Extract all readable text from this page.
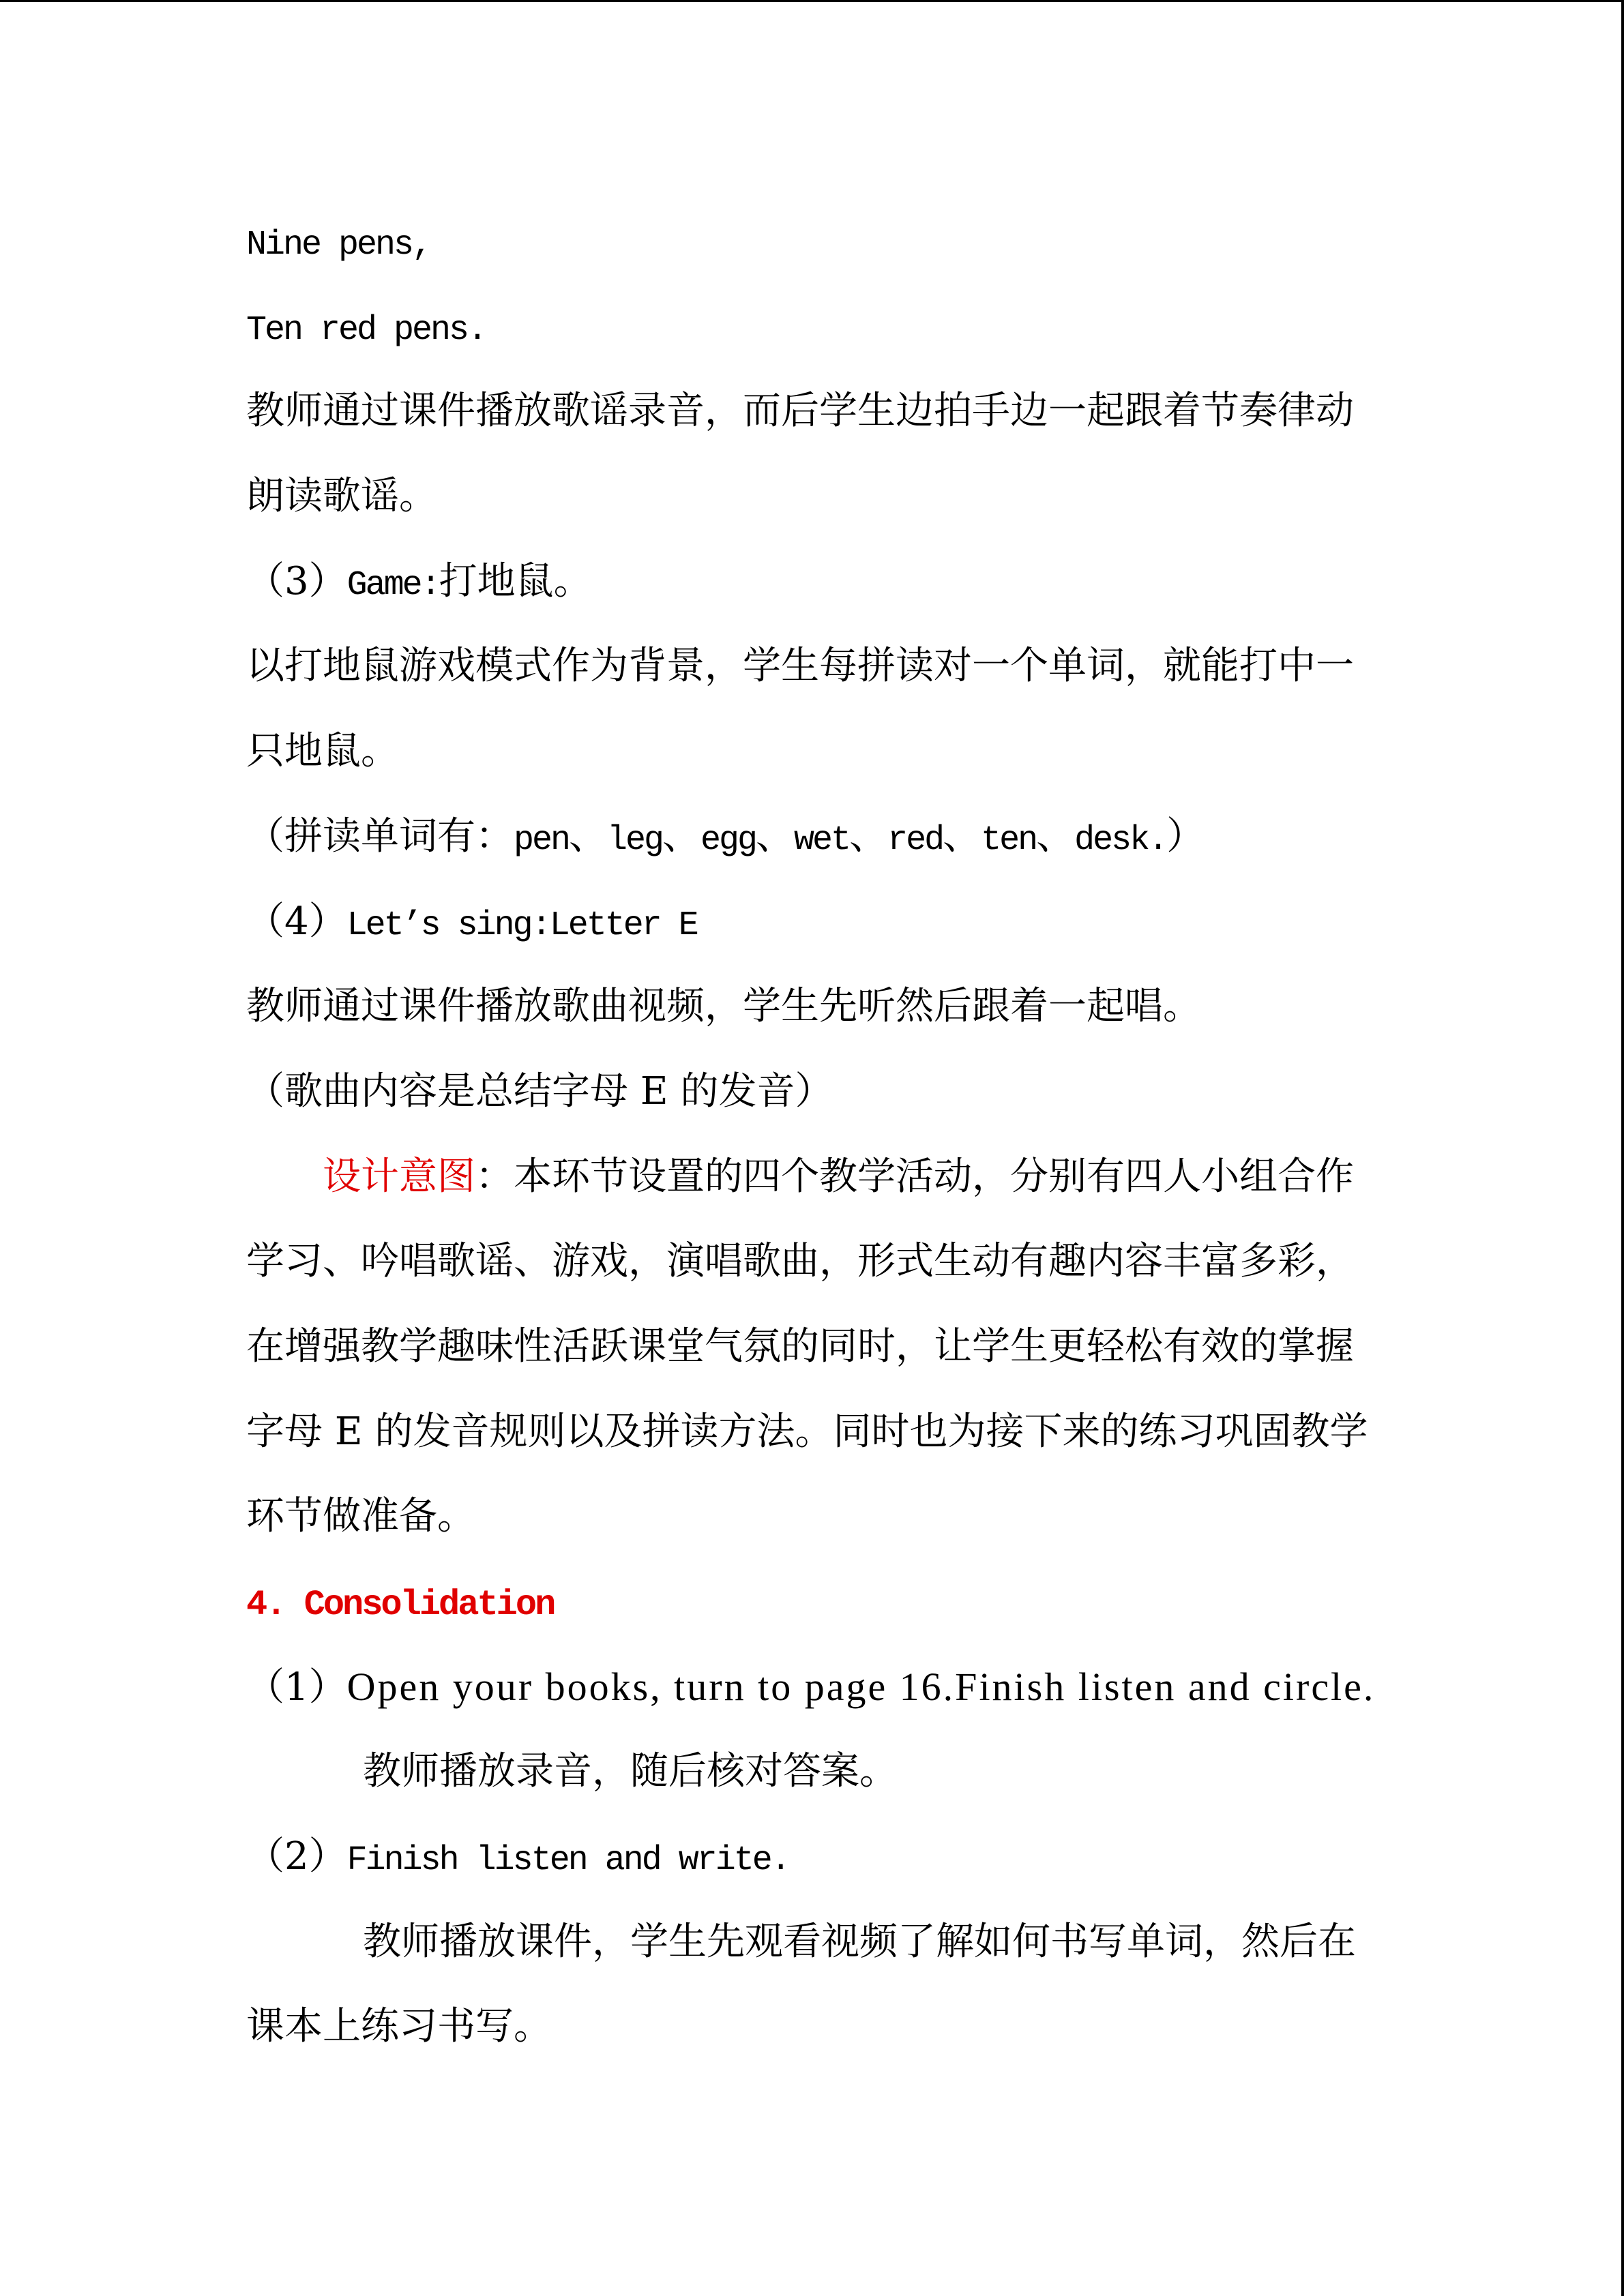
Nine pens,
Ten red pens.
教师通过课件播放歌谣录音，而后学生边拍手边一起跟着节奏律动
朗读歌谣。
（3）Game:打地鼠。
以打地鼠游戏模式作为背景，学生每拼读对一个单词，就能打中一
只地鼠。
（拼读单词有：pen、leg、egg、wet、red、ten、desk.）
（4）Let’s sing:Letter E
教师通过课件播放歌曲视频，学生先听然后跟着一起唱。
（歌曲内容是总结字母 E 的发音）
设计意图：本环节设置的四个教学活动，分别有四人小组合作
学习、吟唱歌谣、游戏，演唱歌曲，形式生动有趣内容丰富多彩，
在增强教学趣味性活跃课堂气氛的同时，让学生更轻松有效的掌握
字母 E 的发音规则以及拼读方法。同时也为接下来的练习巩固教学
环节做准备。
4. Consolidation
（1）Open your books, turn to page 16.Finish listen and circle.
教师播放录音，随后核对答案。
（2）Finish listen and write.
教师播放课件，学生先观看视频了解如何书写单词，然后在
课本上练习书写。
